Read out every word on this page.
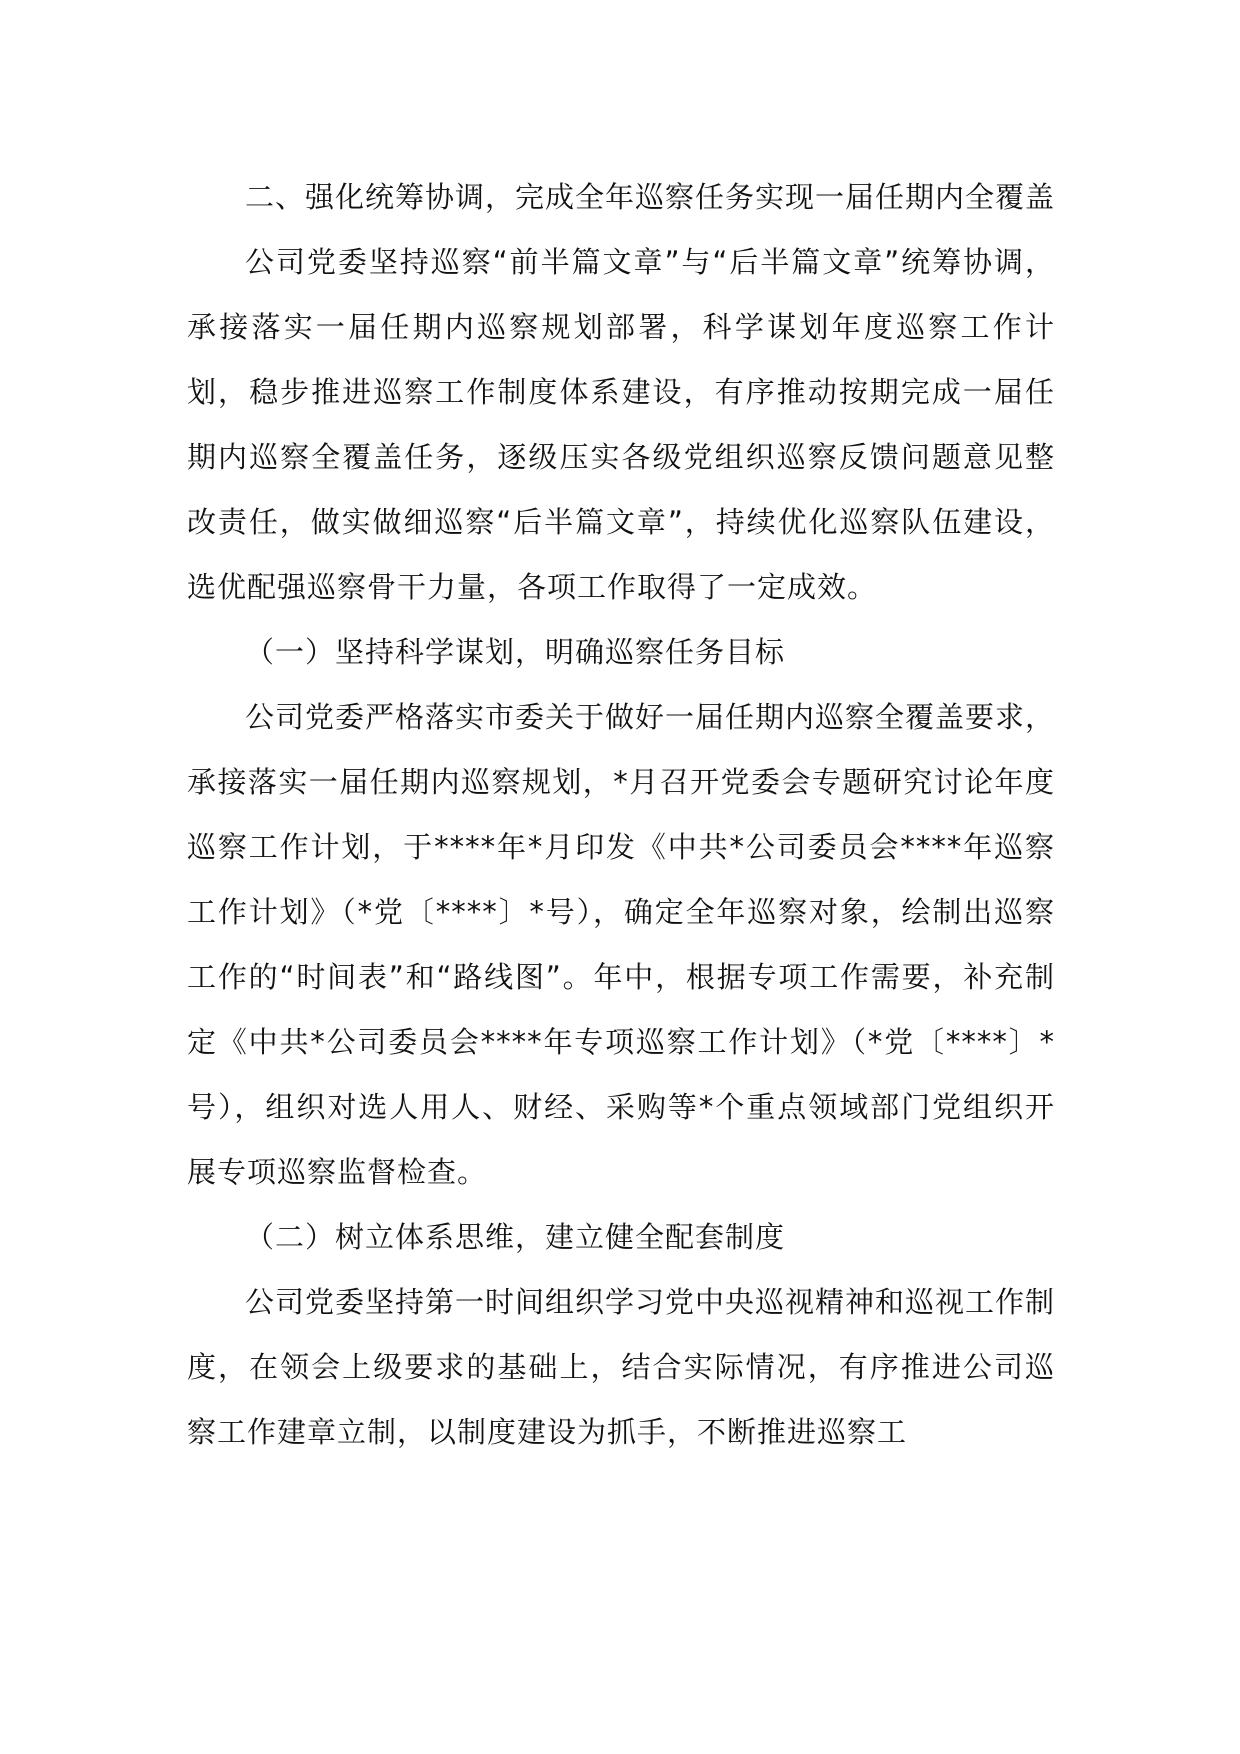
二、强化统筹协调，完成全年巡察任务实现一届任期内全覆盖

公司党委坚持巡察“前半篇文章”与“后半篇文章”统筹协调，承接落实一届任期内巡察规划部署，科学谋划年度巡察工作计划，稳步推进巡察工作制度体系建设，有序推动按期完成一届任期内巡察全覆盖任务，逐级压实各级党组织巡察反馈问题意见整改责任，做实做细巡察“后半篇文章”，持续优化巡察队伍建设，选优配强巡察骨干力量，各项工作取得了一定成效。

（一）坚持科学谋划，明确巡察任务目标

公司党委严格落实市委关于做好一届任期内巡察全覆盖要求，承接落实一届任期内巡察规划，*月召开党委会专题研究讨论年度巡察工作计划，于****年*月印发《中共*公司委员会****年巡察工作计划》（*党〔****〕*号），确定全年巡察对象，绘制出巡察工作的“时间表”和“路线图”。年中，根据专项工作需要，补充制定《中共*公司委员会****年专项巡察工作计划》（*党〔****〕*号），组织对选人用人、财经、采购等*个重点领域部门党组织开展专项巡察监督检查。

（二）树立体系思维，建立健全配套制度

公司党委坚持第一时间组织学习党中央巡视精神和巡视工作制度，在领会上级要求的基础上，结合实际情况，有序推进公司巡察工作建章立制，以制度建设为抓手，不断推进巡察工
